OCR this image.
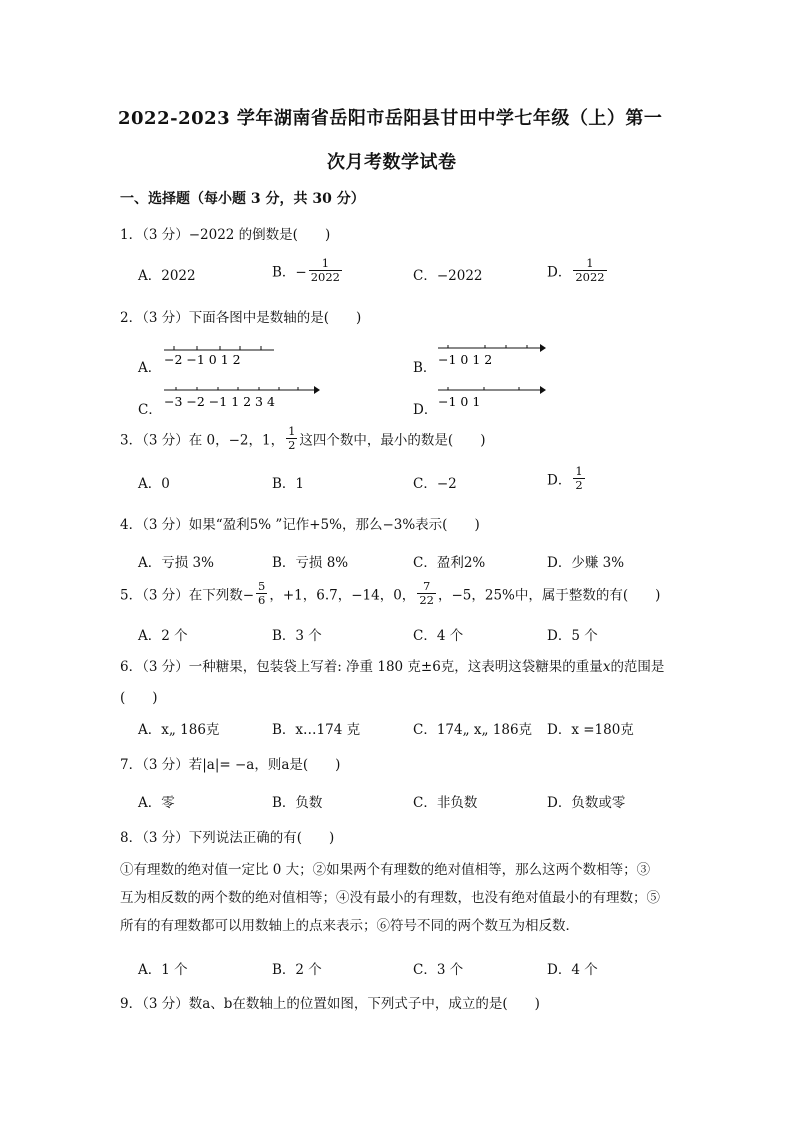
2022-2023 学年湖南省岳阳市岳阳县甘田中学七年级（上）第一
次月考数学试卷
一、选择题（每小题 3 分，共 30 分）
1．（3 分）−2022 的倒数是(　　)
A．2022	B．− $\frac{1}{2022}$	C．−2022	D． $\frac{1}{2022}$
2．（3 分）下面各图中是数轴的是(　　)
A．
−2 −1 0 1 2
B．
−1 0 1 2
C．
−3 −2 −1 1 2 3 4
D．
−1 0 1
3．（3 分）在 0，−2，1， $\frac{1}{2}$ 这四个数中，最小的数是(　　)
A．0	B．1	C．−2	D． $\frac{1}{2}$
4．（3 分）如果“盈利5% ”记作+5%，那么−3%表示(　　)
A．亏损 3%	B．亏损 8%	C．盈利2%	D．少赚 3%
5．（3 分）在下列数− $\frac{5}{6}$ ，+1，6.7，−14，0， $\frac{7}{22}$ ，−5，25%中，属于整数的有(　　)
A．2 个	B．3 个	C．4 个	D．5 个
6．（3 分）一种糖果，包装袋上写着: 净重 180 克±6克，这表明这袋糖果的重量x的范围是
(　　)
A．x„ 186克	B．x…174 克	C．174„ x„ 186克 D．x =180克
7．（3 分）若|a|= −a，则a是(　　)
A．零	B．负数	C．非负数	D．负数或零
8．（3 分）下列说法正确的有(　　)
①有理数的绝对值一定比 0 大；②如果两个有理数的绝对值相等，那么这两个数相等；③互为相反数的两个数的绝对值相等；④没有最小的有理数，也没有绝对值最小的有理数；⑤所有的有理数都可以用数轴上的点来表示；⑥符号不同的两个数互为相反数．
A．1 个	B．2 个	C．3 个	D．4 个
9．（3 分）数a、b在数轴上的位置如图，下列式子中，成立的是(　　)
